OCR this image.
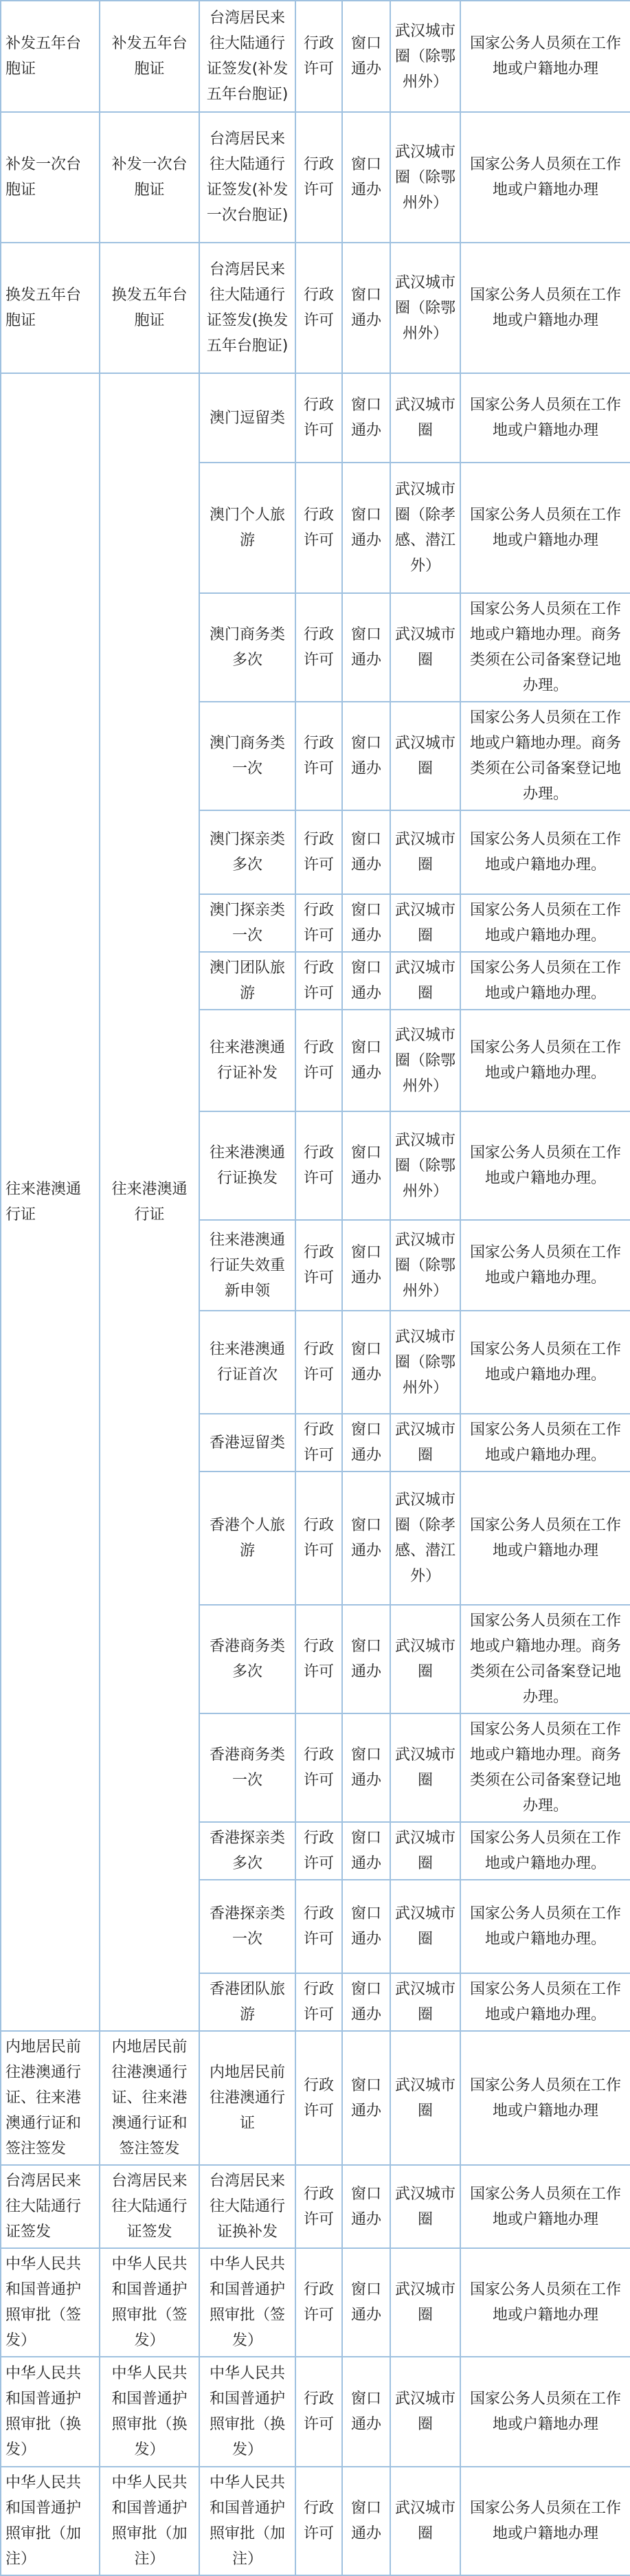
补发五年台胞证	补发五年台胞证	台湾居民来往大陆通行证签发(补发五年台胞证)	行政许可	窗口通办	武汉城市圈（除鄂州外）	国家公务人员须在工作地或户籍地办理
补发一次台胞证	补发一次台胞证	台湾居民来往大陆通行证签发(补发一次台胞证)	行政许可	窗口通办	武汉城市圈（除鄂州外）	国家公务人员须在工作地或户籍地办理
换发五年台胞证	换发五年台胞证	台湾居民来往大陆通行证签发(换发五年台胞证)	行政许可	窗口通办	武汉城市圈（除鄂州外）	国家公务人员须在工作地或户籍地办理
往来港澳通行证	往来港澳通行证	澳门逗留类	行政许可	窗口通办	武汉城市圈	国家公务人员须在工作地或户籍地办理
		澳门个人旅游	行政许可	窗口通办	武汉城市圈（除孝感、潜江外）	国家公务人员须在工作地或户籍地办理
		澳门商务类多次	行政许可	窗口通办	武汉城市圈	国家公务人员须在工作地或户籍地办理。商务类须在公司备案登记地办理。
		澳门商务类一次	行政许可	窗口通办	武汉城市圈	国家公务人员须在工作地或户籍地办理。商务类须在公司备案登记地办理。
		澳门探亲类多次	行政许可	窗口通办	武汉城市圈	国家公务人员须在工作地或户籍地办理。
		澳门探亲类一次	行政许可	窗口通办	武汉城市圈	国家公务人员须在工作地或户籍地办理。
		澳门团队旅游	行政许可	窗口通办	武汉城市圈	国家公务人员须在工作地或户籍地办理。
		往来港澳通行证补发	行政许可	窗口通办	武汉城市圈（除鄂州外）	国家公务人员须在工作地或户籍地办理。
		往来港澳通行证换发	行政许可	窗口通办	武汉城市圈（除鄂州外）	国家公务人员须在工作地或户籍地办理。
		往来港澳通行证失效重新申领	行政许可	窗口通办	武汉城市圈（除鄂州外）	国家公务人员须在工作地或户籍地办理。
		往来港澳通行证首次	行政许可	窗口通办	武汉城市圈（除鄂州外）	国家公务人员须在工作地或户籍地办理。
		香港逗留类	行政许可	窗口通办	武汉城市圈	国家公务人员须在工作地或户籍地办理。
		香港个人旅游	行政许可	窗口通办	武汉城市圈（除孝感、潜江外）	国家公务人员须在工作地或户籍地办理
		香港商务类多次	行政许可	窗口通办	武汉城市圈	国家公务人员须在工作地或户籍地办理。商务类须在公司备案登记地办理。
		香港商务类一次	行政许可	窗口通办	武汉城市圈	国家公务人员须在工作地或户籍地办理。商务类须在公司备案登记地办理。
		香港探亲类多次	行政许可	窗口通办	武汉城市圈	国家公务人员须在工作地或户籍地办理。
		香港探亲类一次	行政许可	窗口通办	武汉城市圈	国家公务人员须在工作地或户籍地办理。
		香港团队旅游	行政许可	窗口通办	武汉城市圈	国家公务人员须在工作地或户籍地办理。
内地居民前往港澳通行证、往来港澳通行证和签注签发	内地居民前往港澳通行证、往来港澳通行证和签注签发	内地居民前往港澳通行证	行政许可	窗口通办	武汉城市圈	国家公务人员须在工作地或户籍地办理
台湾居民来往大陆通行证签发	台湾居民来往大陆通行证签发	台湾居民来往大陆通行证换补发	行政许可	窗口通办	武汉城市圈	国家公务人员须在工作地或户籍地办理
中华人民共和国普通护照审批（签发）	中华人民共和国普通护照审批（签发）	中华人民共和国普通护照审批（签发）	行政许可	窗口通办	武汉城市圈	国家公务人员须在工作地或户籍地办理
中华人民共和国普通护照审批（换发）	中华人民共和国普通护照审批（换发）	中华人民共和国普通护照审批（换发）	行政许可	窗口通办	武汉城市圈	国家公务人员须在工作地或户籍地办理
中华人民共和国普通护照审批（加注）	中华人民共和国普通护照审批（加注）	中华人民共和国普通护照审批（加注）	行政许可	窗口通办	武汉城市圈	国家公务人员须在工作地或户籍地办理
